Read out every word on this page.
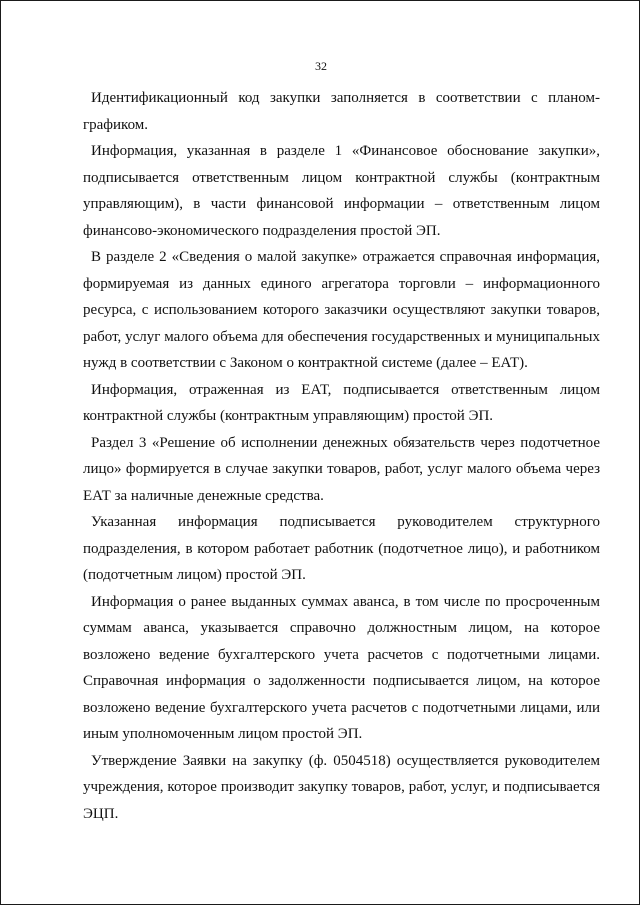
32

Идентификационный код закупки заполняется в соответствии с планом-графиком.

Информация, указанная в разделе 1 «Финансовое обоснование закупки», подписывается ответственным лицом контрактной службы (контрактным управляющим), в части финансовой информации – ответственным лицом финансово-экономического подразделения простой ЭП.

В разделе 2 «Сведения о малой закупке» отражается справочная информация, формируемая из данных единого агрегатора торговли – информационного ресурса, с использованием которого заказчики осуществляют закупки товаров, работ, услуг малого объема для обеспечения государственных и муниципальных нужд в соответствии с Законом о контрактной системе (далее – ЕАТ).

Информация, отраженная из ЕАТ, подписывается ответственным лицом контрактной службы (контрактным управляющим) простой ЭП.

Раздел 3 «Решение об исполнении денежных обязательств через подотчетное лицо» формируется в случае закупки товаров, работ, услуг малого объема через ЕАТ за наличные денежные средства.

Указанная информация подписывается руководителем структурного подразделения, в котором работает работник (подотчетное лицо), и работником (подотчетным лицом) простой ЭП.

Информация о ранее выданных суммах аванса, в том числе по просроченным суммам аванса, указывается справочно должностным лицом, на которое возложено ведение бухгалтерского учета расчетов с подотчетными лицами. Справочная информация о задолженности подписывается лицом, на которое возложено ведение бухгалтерского учета расчетов с подотчетными лицами, или иным уполномоченным лицом простой ЭП.

Утверждение Заявки на закупку (ф. 0504518) осуществляется руководителем учреждения, которое производит закупку товаров, работ, услуг, и подписывается ЭЦП.
